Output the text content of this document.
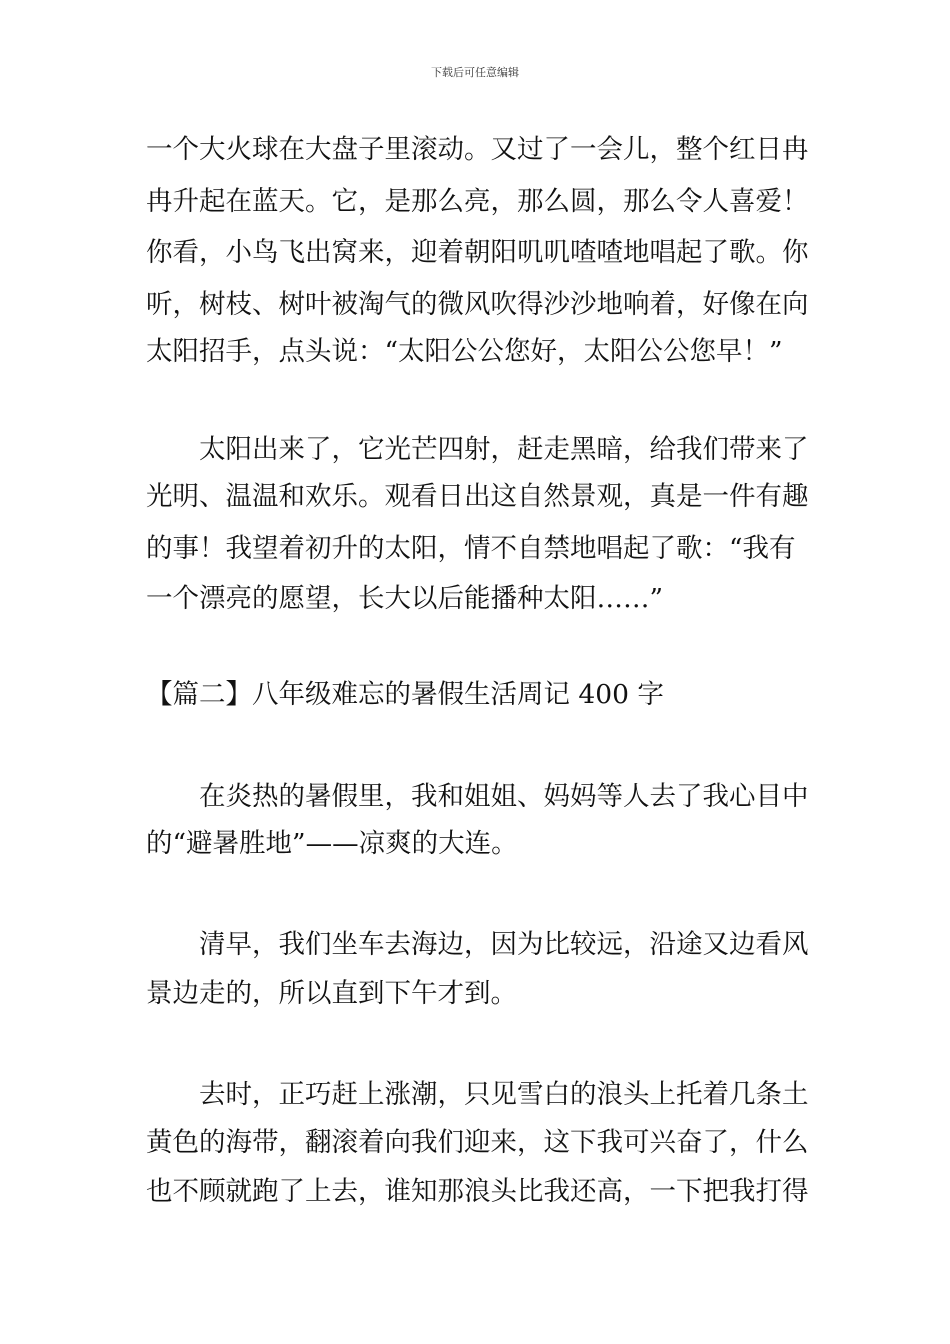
下载后可任意编辑
一个大火球在大盘子里滚动。又过了一会儿，整个红日冉
冉升起在蓝天。它，是那么亮，那么圆，那么令人喜爱！
你看，小鸟飞出窝来，迎着朝阳叽叽喳喳地唱起了歌。你
听，树枝、树叶被淘气的微风吹得沙沙地响着，好像在向
太阳招手，点头说：“太阳公公您好，太阳公公您早！”
太阳出来了，它光芒四射，赶走黑暗，给我们带来了
光明、温温和欢乐。观看日出这自然景观，真是一件有趣
的事！我望着初升的太阳，情不自禁地唱起了歌：“我有
一个漂亮的愿望，长大以后能播种太阳……”
【篇二】八年级难忘的暑假生活周记 400 字
在炎热的暑假里，我和姐姐、妈妈等人去了我心目中
的“避暑胜地”——凉爽的大连。
清早，我们坐车去海边，因为比较远，沿途又边看风
景边走的，所以直到下午才到。
去时，正巧赶上涨潮，只见雪白的浪头上托着几条土
黄色的海带，翻滚着向我们迎来，这下我可兴奋了，什么
也不顾就跑了上去，谁知那浪头比我还高，一下把我打得
